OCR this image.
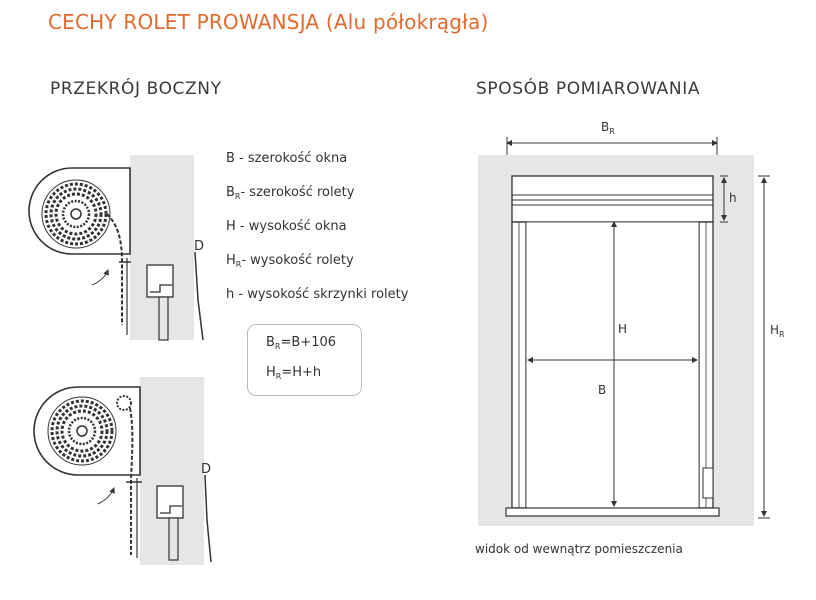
CECHY ROLET PROWANSJA (Alu półokrągła)
PRZEKRÓJ BOCZNY	SPOSÓB POMIAROWANIA
B - szerokość okna
$B_R-$ szerokość rolety
H - wysokość okna
$H_R-$ wysokość rolety
h - wysokość skrzynki rolety
$B_R=B+106$
$H_R=H+h$
D
D
$B_R$
h
H
B
$H_R$
widok od wewnątrz pomieszczenia
